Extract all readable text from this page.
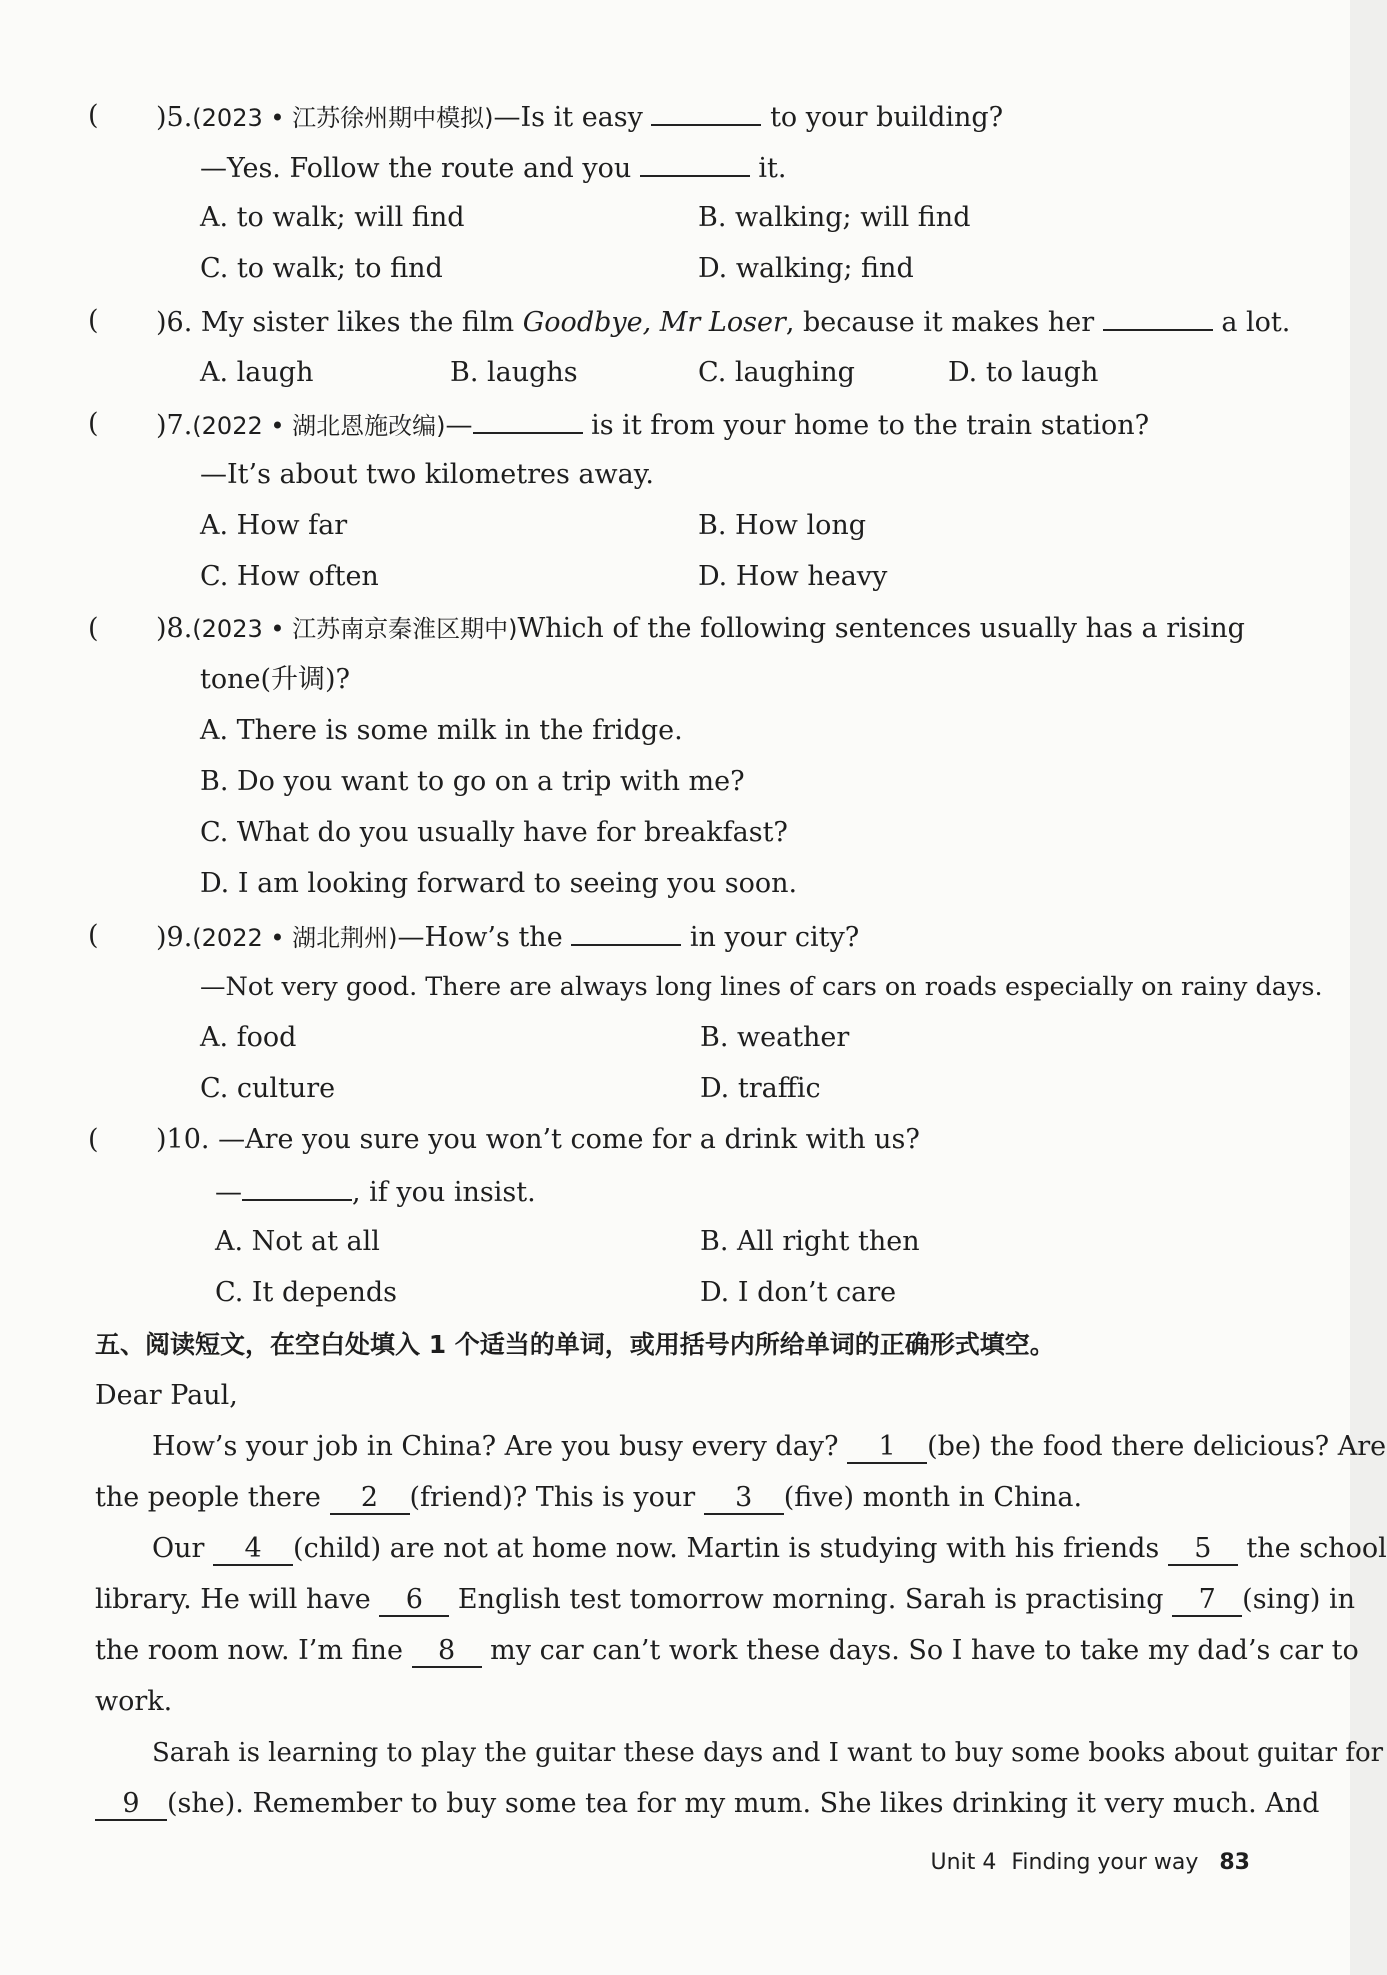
( )5.(2023 • 江苏徐州期中模拟)—Is it easy	to your building?
—Yes. Follow the route and you	it.
A. to walk; will find	B. walking; will find
C. to walk; to find	D. walking; find
( )6. My sister likes the film Goodbye, Mr Loser, because it makes her	a lot.
A. laugh	B. laughs	C. laughing	D. to laugh
( )7.(2022 • 湖北恩施改编)—	is it from your home to the train station?
—It’s about two kilometres away.
A. How far	B. How long
C. How often	D. How heavy
( )8.(2023 • 江苏南京秦淮区期中)Which of the following sentences usually has a rising
tone(升调)?
A. There is some milk in the fridge.
B. Do you want to go on a trip with me?
C. What do you usually have for breakfast?
D. I am looking forward to seeing you soon.
( )9.(2022 • 湖北荆州)—How’s the	in your city?
—Not very good. There are always long lines of cars on roads especially on rainy days.
A. food	B. weather
C. culture	D. traffic
( )10. —Are you sure you won’t come for a drink with us?
—	, if you insist.
A. Not at all	B. All right then
C. It depends	D. I don’t care
五、阅读短文，在空白处填入 1 个适当的单词，或用括号内所给单词的正确形式填空。
Dear Paul,
How’s your job in China? Are you busy every day? 1 (be) the food there delicious? Are
the people there 2 (friend)? This is your 3 (five) month in China.
Our 4 (child) are not at home now. Martin is studying with his friends 5 the school
library. He will have 6 English test tomorrow morning. Sarah is practising 7 (sing) in
the room now. I’m fine 8 my car can’t work these days. So I have to take my dad’s car to
work.
Sarah is learning to play the guitar these days and I want to buy some books about guitar for
9 (she). Remember to buy some tea for my mum. She likes drinking it very much. And
Unit 4 Finding your way 83
